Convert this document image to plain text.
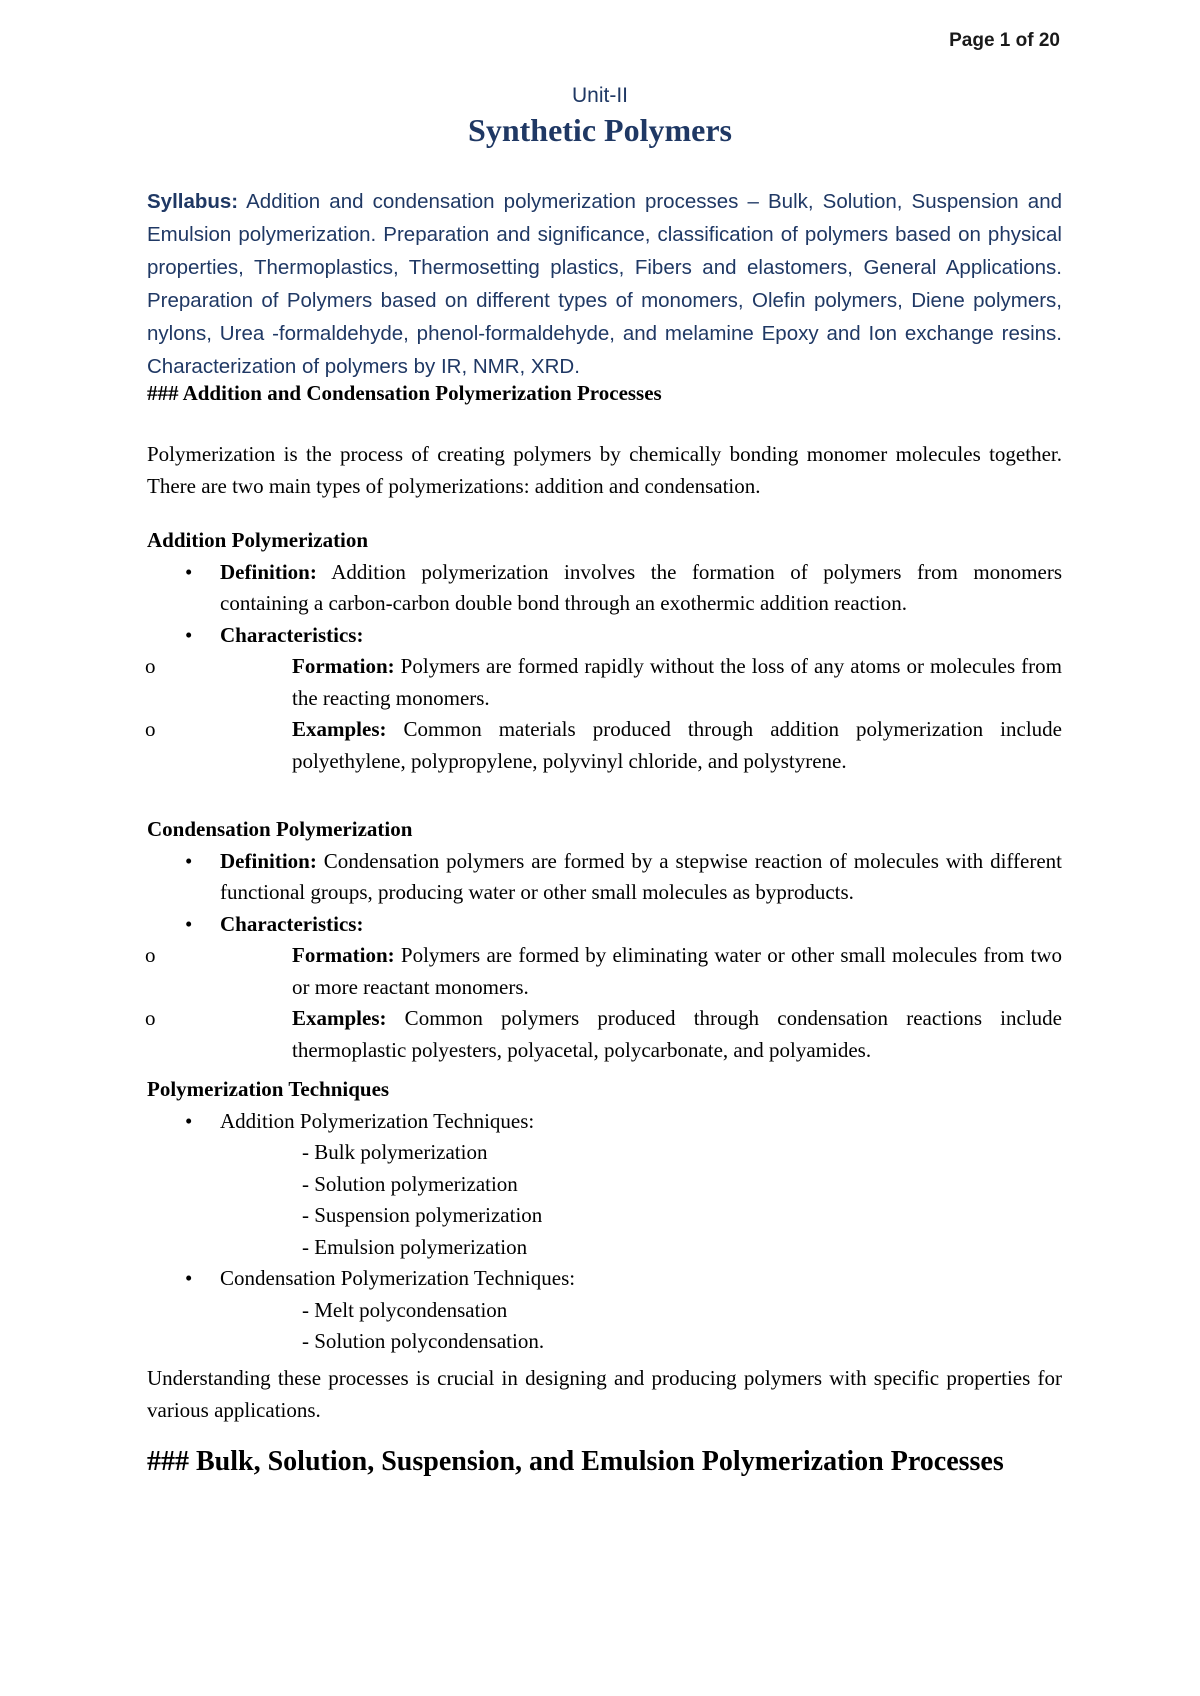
Page 1 of 20
Unit-II
Synthetic Polymers
Syllabus: Addition and condensation polymerization processes – Bulk, Solution, Suspension and Emulsion polymerization. Preparation and significance, classification of polymers based on physical properties, Thermoplastics, Thermosetting plastics, Fibers and elastomers, General Applications. Preparation of Polymers based on different types of monomers, Olefin polymers, Diene polymers, nylons, Urea -formaldehyde, phenol-formaldehyde, and melamine Epoxy and Ion exchange resins. Characterization of polymers by IR, NMR, XRD.
### Addition and Condensation Polymerization Processes
Polymerization is the process of creating polymers by chemically bonding monomer molecules together. There are two main types of polymerizations: addition and condensation.
Addition Polymerization
• Definition: Addition polymerization involves the formation of polymers from monomers containing a carbon-carbon double bond through an exothermic addition reaction.
• Characteristics:
o Formation: Polymers are formed rapidly without the loss of any atoms or molecules from the reacting monomers.
o Examples: Common materials produced through addition polymerization include polyethylene, polypropylene, polyvinyl chloride, and polystyrene.
Condensation Polymerization
• Definition: Condensation polymers are formed by a stepwise reaction of molecules with different functional groups, producing water or other small molecules as byproducts.
• Characteristics:
o Formation: Polymers are formed by eliminating water or other small molecules from two or more reactant monomers.
o Examples: Common polymers produced through condensation reactions include thermoplastic polyesters, polyacetal, polycarbonate, and polyamides.
Polymerization Techniques
• Addition Polymerization Techniques:
- Bulk polymerization
- Solution polymerization
- Suspension polymerization
- Emulsion polymerization
• Condensation Polymerization Techniques:
- Melt polycondensation
- Solution polycondensation.
Understanding these processes is crucial in designing and producing polymers with specific properties for various applications.
### Bulk, Solution, Suspension, and Emulsion Polymerization Processes
